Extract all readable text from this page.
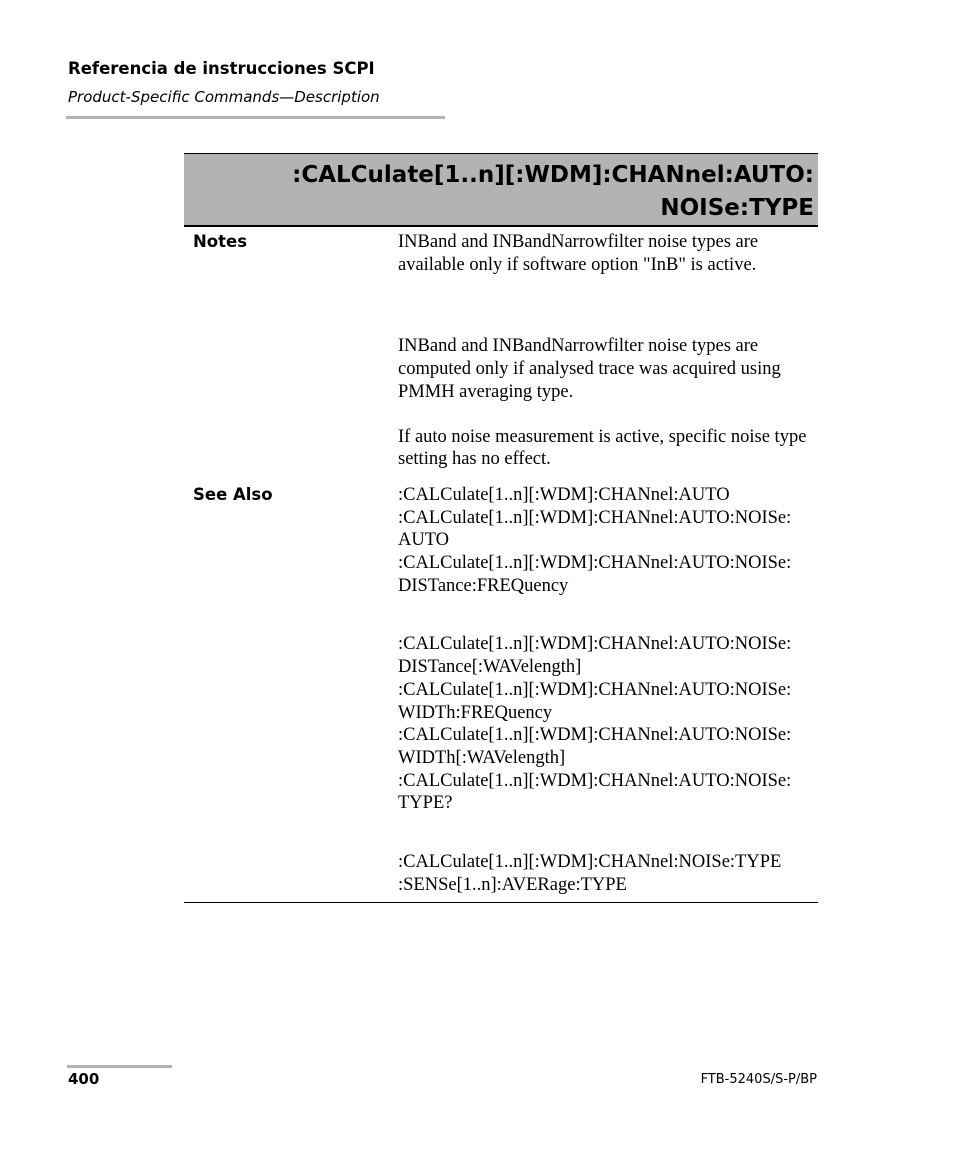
Referencia de instrucciones SCPI
Product-Specific Commands—Description
:CALCulate[1..n][:WDM]:CHANnel:AUTO:
NOISe:TYPE
Notes	INBand and INBandNarrowfilter noise types are available only if software option "InB" is active.

INBand and INBandNarrowfilter noise types are computed only if analysed trace was acquired using PMMH averaging type.

If auto noise measurement is active, specific noise type setting has no effect.

See Also	:CALCulate[1..n][:WDM]:CHANnel:AUTO
:CALCulate[1..n][:WDM]:CHANnel:AUTO:NOISe:
AUTO
:CALCulate[1..n][:WDM]:CHANnel:AUTO:NOISe:
DISTance:FREQuency
:CALCulate[1..n][:WDM]:CHANnel:AUTO:NOISe:
DISTance[:WAVelength]
:CALCulate[1..n][:WDM]:CHANnel:AUTO:NOISe:
WIDTh:FREQuency
:CALCulate[1..n][:WDM]:CHANnel:AUTO:NOISe:
WIDTh[:WAVelength]
:CALCulate[1..n][:WDM]:CHANnel:AUTO:NOISe:
TYPE?
:CALCulate[1..n][:WDM]:CHANnel:NOISe:TYPE
:SENSe[1..n]:AVERage:TYPE
400	FTB-5240S/S-P/BP
